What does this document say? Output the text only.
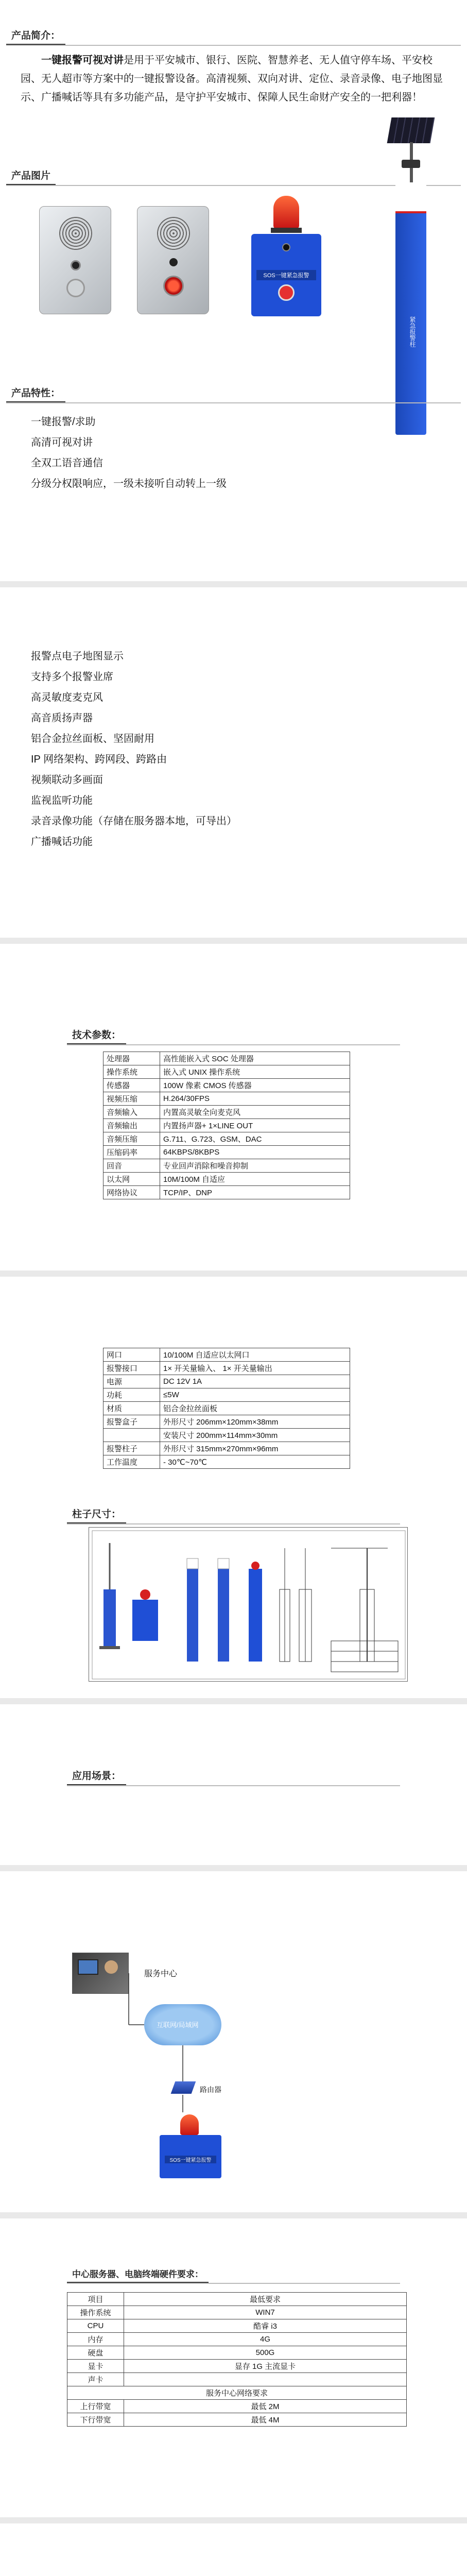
产品简介：

一键报警可视对讲是用于平安城市、银行、医院、智慧养老、无人值守停车场、平安校园、无人超市等方案中的一键报警设备。高清视频、双向对讲、定位、录音录像、电子地图显示、广播喊话等具有多功能产品，是守护平安城市、保障人民生命财产安全的一把利器！

产品图片
SOS一键紧急报警
紧急报警柱
产品特性：
一键报警/求助
高清可视对讲
全双工语音通信
分级分权限响应，一级未接听自动转上一级
报警点电子地图显示
支持多个报警业席
高灵敏度麦克风
高音质扬声器
铝合金拉丝面板、坚固耐用
IP 网络架构、跨网段、跨路由
视频联动多画面
监视监听功能
录音录像功能（存储在服务器本地，可导出）
广播喊话功能
技术参数：
处理器	高性能嵌入式 SOC 处理器
操作系统	嵌入式 UNIX 操作系统
传感器	100W 像素 CMOS 传感器
视频压缩	H.264/30FPS
音频输入	内置高灵敏全向麦克风
音频输出	内置扬声器+ 1×LINE OUT
音频压缩	G.711、G.723、GSM、DAC
压缩码率	64KBPS/8KBPS
回音	专业回声消除和噪音抑制
以太网	10M/100M 自适应
网络协议	TCP/IP、DNP
网口	10/100M 自适应以太网口
报警接口	1× 开关量输入、 1× 开关量输出
电源	DC 12V 1A
功耗	≤5W
材质	铝合金拉丝面板
报警盒子	外形尺寸 206mm×120mm×38mm
	安装尺寸 200mm×114mm×30mm
报警柱子	外形尺寸 315mm×270mm×96mm
工作温度	- 30℃~70℃
柱子尺寸：
应用场景：
服务中心
互联网/局域网
路由器
SOS一键紧急报警
中心服务器、电脑终端硬件要求：
项目	最低要求
操作系统	WIN7
CPU	酷睿 i3
内存	4G
硬盘	500G
显卡	显存 1G 主流显卡
声卡	
服务中心网络要求	
上行带宽	最低 2M
下行带宽	最低 4M
